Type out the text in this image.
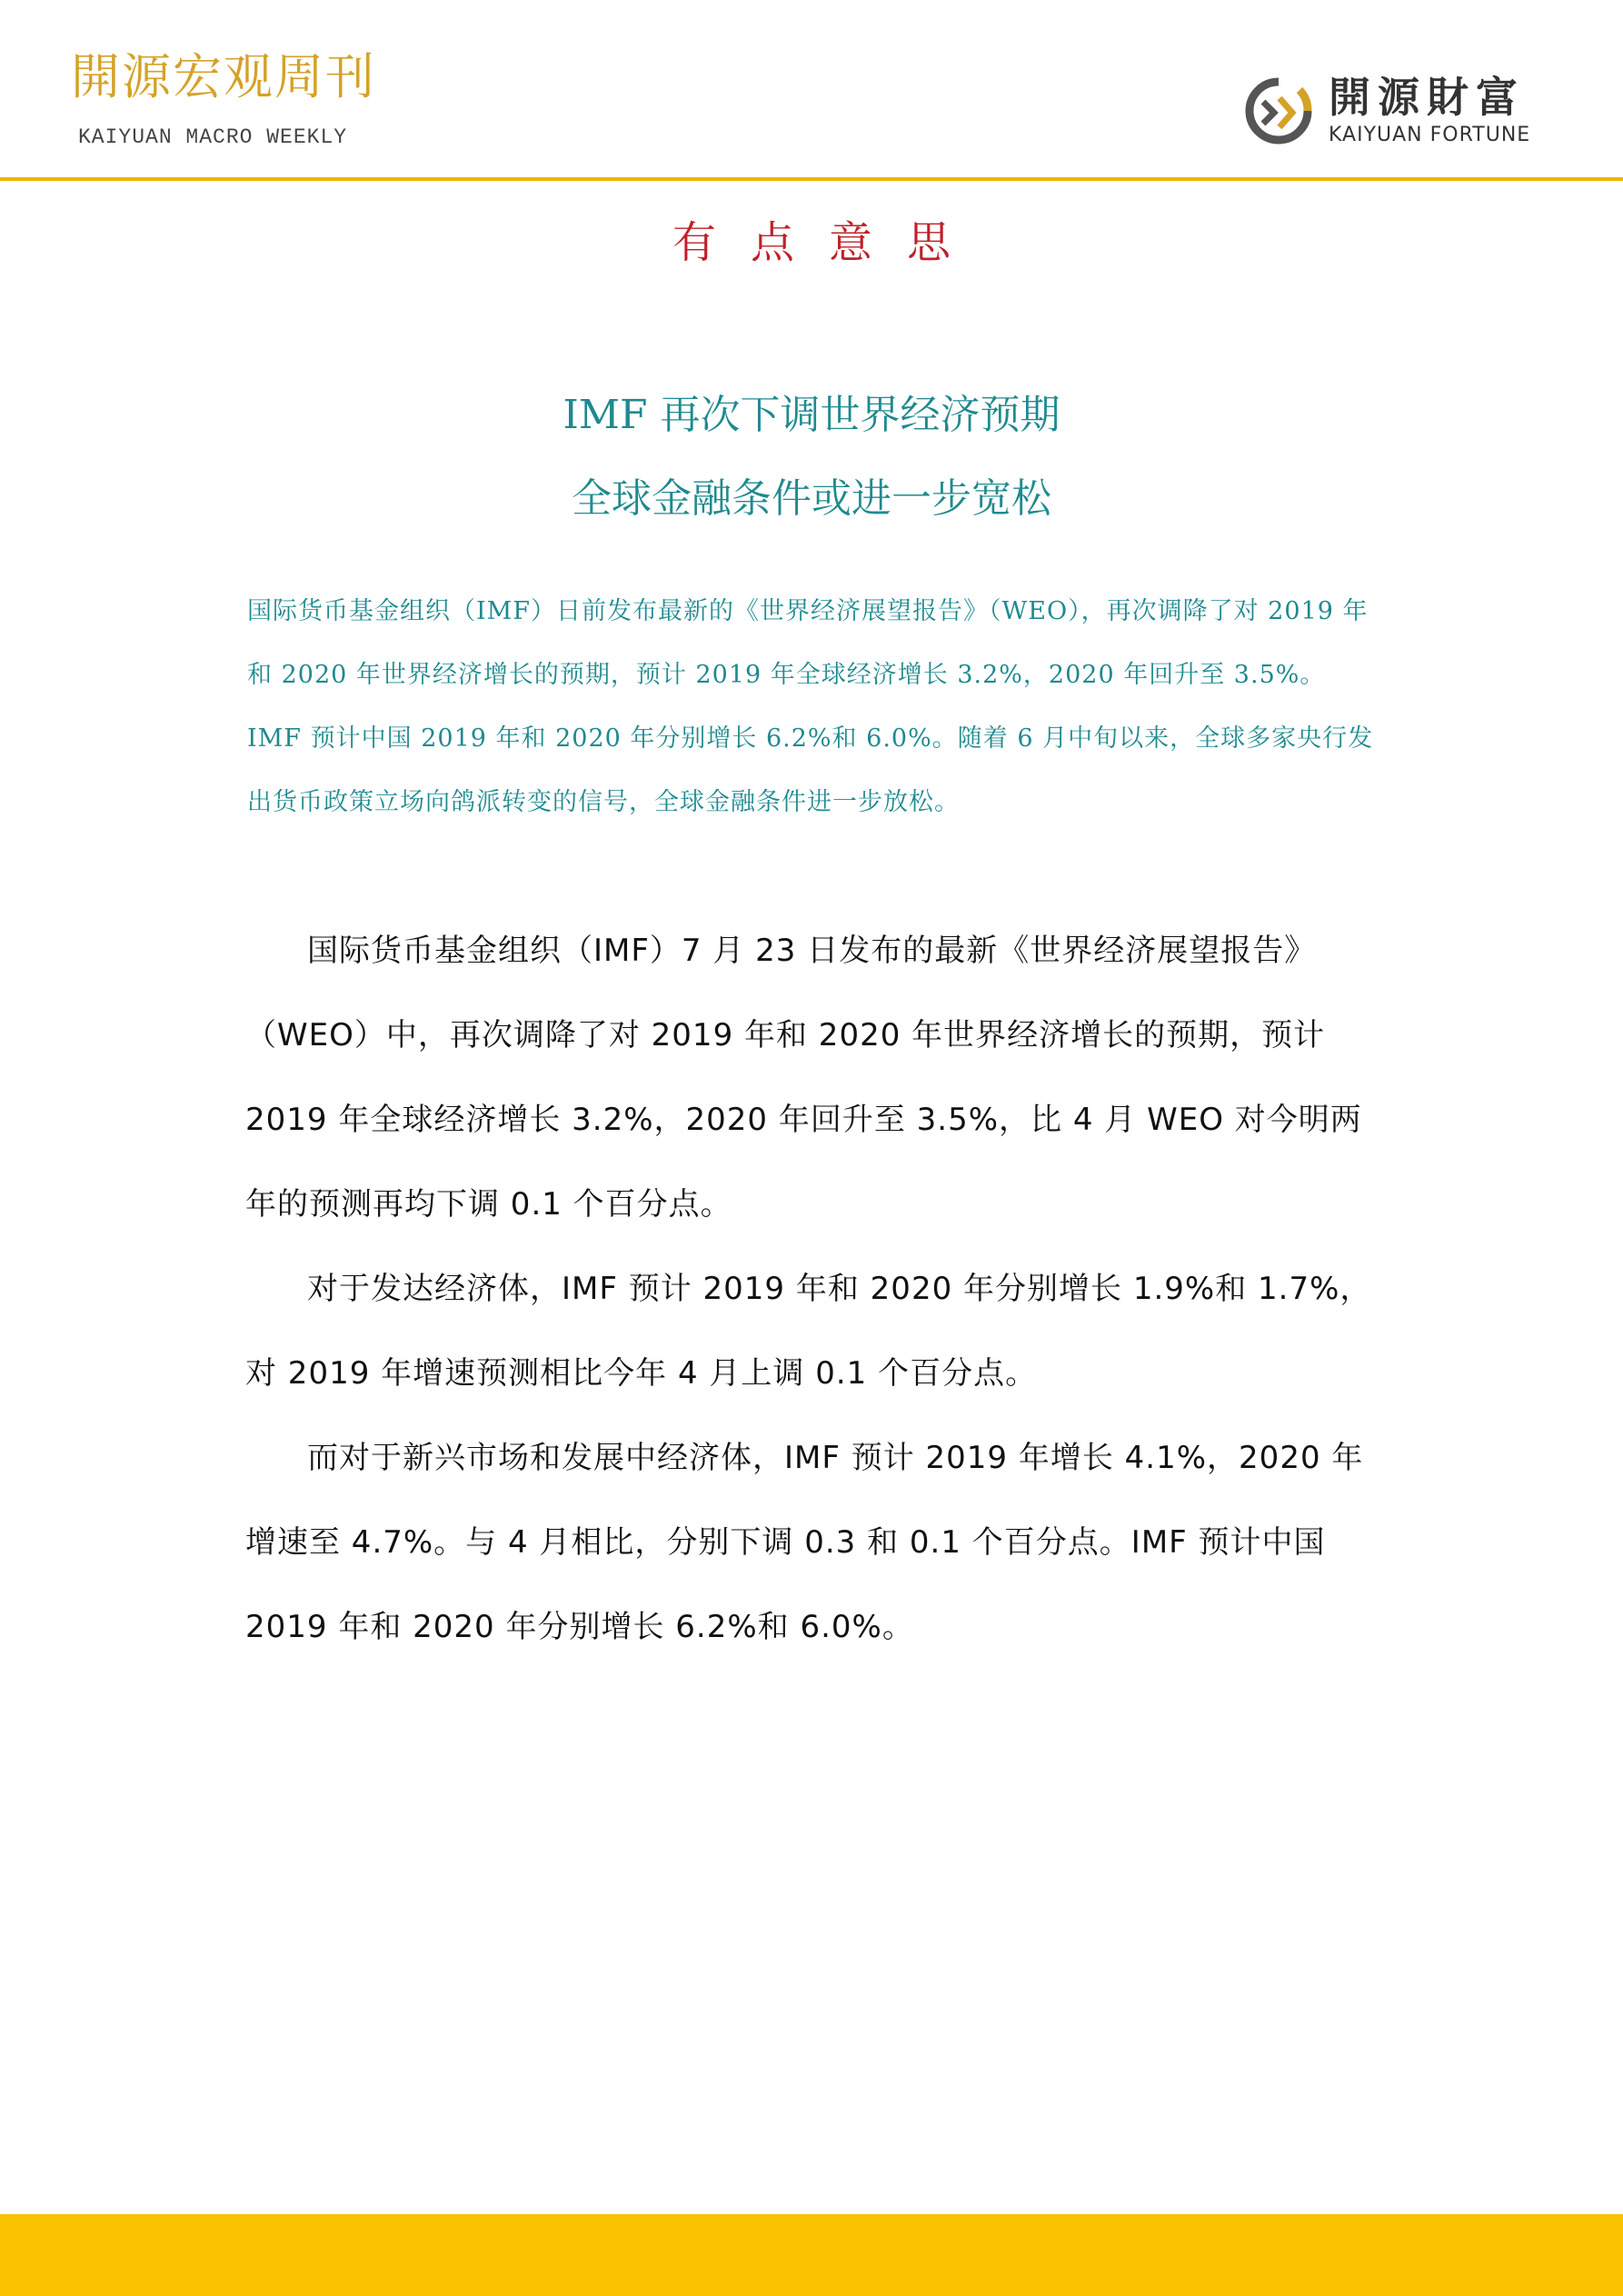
開源宏观周刊
KAIYUAN MACRO WEEKLY
開源財富
KAIYUAN FORTUNE
有点意思
IMF 再次下调世界经济预期
全球金融条件或进一步宽松

国际货币基金组织（IMF）日前发布最新的《世界经济展望报告》（WEO），再次调降了对 2019 年和 2020 年世界经济增长的预期，预计 2019 年全球经济增长 3.2%，2020 年回升至 3.5%。IMF 预计中国 2019 年和 2020 年分别增长 6.2%和 6.0%。随着 6 月中旬以来，全球多家央行发出货币政策立场向鸽派转变的信号，全球金融条件进一步放松。

国际货币基金组织（IMF）7 月 23 日发布的最新《世界经济展望报告》（WEO）中，再次调降了对 2019 年和 2020 年世界经济增长的预期，预计 2019 年全球经济增长 3.2%，2020 年回升至 3.5%，比 4 月 WEO 对今明两年的预测再均下调 0.1 个百分点。

对于发达经济体，IMF 预计 2019 年和 2020 年分别增长 1.9%和 1.7%，对 2019 年增速预测相比今年 4 月上调 0.1 个百分点。

而对于新兴市场和发展中经济体，IMF 预计 2019 年增长 4.1%，2020 年增速至 4.7%。与 4 月相比，分别下调 0.3 和 0.1 个百分点。IMF 预计中国 2019 年和 2020 年分别增长 6.2%和 6.0%。
